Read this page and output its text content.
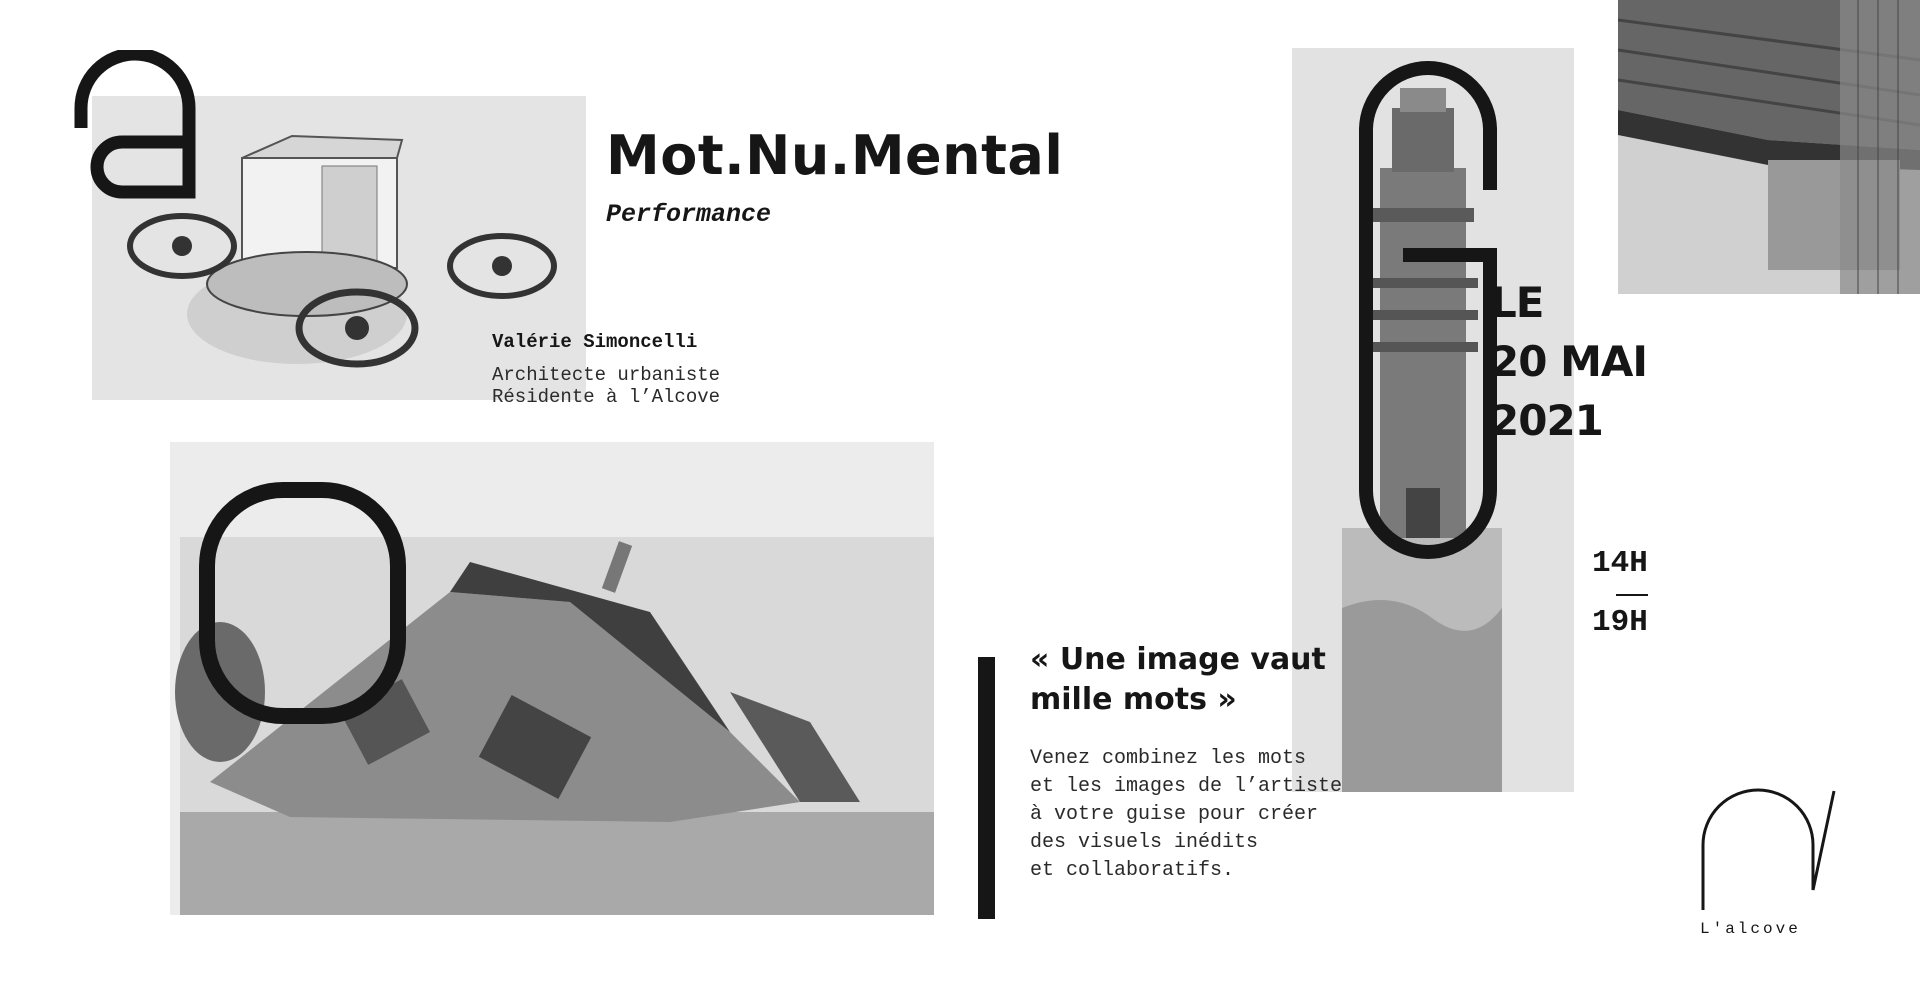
Mot.Nu.Mental
Performance
Valérie Simoncelli
Architecte urbaniste
Résidente à l’Alcove
LE
20 MAI
2021
14H
19H
« Une image vaut mille mots »
Venez combinez les mots
et les images de l’artiste
à votre guise pour créer
des visuels inédits
et collaboratifs.
L'alcove
